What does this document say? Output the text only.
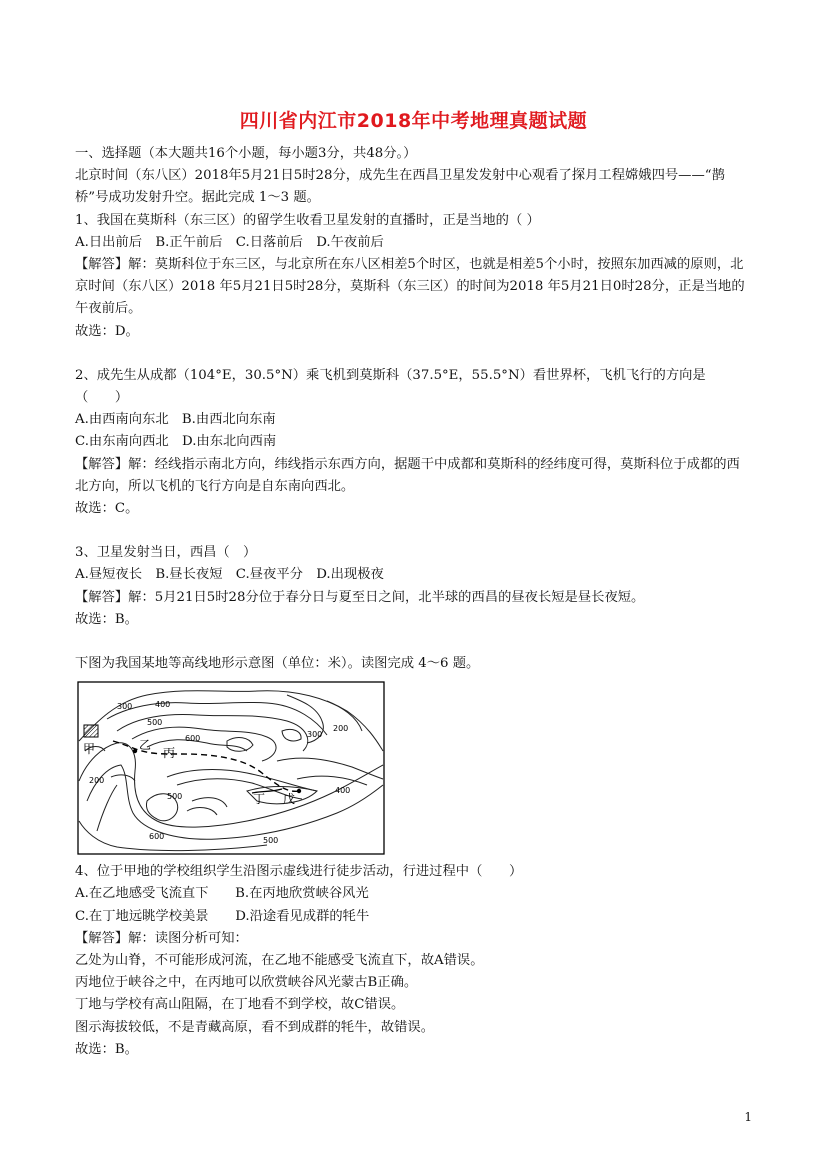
四川省内江市2018年中考地理真题试题

一、选择题（本大题共16个小题，每小题3分，共48分。）

北京时间（东八区）2018年5月21日5时28分，成先生在西昌卫星发发射中心观看了探月工程嫦娥四号——“鹊桥”号成功发射升空。据此完成 1～3 题。

1、我国在莫斯科（东三区）的留学生收看卫星发射的直播时，正是当地的（ ）

A.日出前后　B.正午前后　C.日落前后　D.午夜前后

【解答】解：莫斯科位于东三区，与北京所在东八区相差5个时区，也就是相差5个小时，按照东加西减的原则，北京时间（东八区）2018 年5月21日5时28分，莫斯科（东三区）的时间为2018 年5月21日0时28分，正是当地的午夜前后。

故选：D。

2、成先生从成都（104°E，30.5°N）乘飞机到莫斯科（37.5°E，55.5°N）看世界杯，飞机飞行的方向是（　　）

A.由西南向东北　B.由西北向东南

C.由东南向西北　D.由东北向西南

【解答】解：经线指示南北方向，纬线指示东西方向，据题干中成都和莫斯科的经纬度可得，莫斯科位于成都的西北方向，所以飞机的飞行方向是自东南向西北。

故选：C。

3、卫星发射当日，西昌（　）

A.昼短夜长　B.昼长夜短　C.昼夜平分　D.出现极夜

【解答】解：5月21日5时28分位于春分日与夏至日之间，北半球的西昌的昼夜长短是昼长夜短。

故选：B。

下图为我国某地等高线地形示意图（单位：米）。读图完成 4～6 题。

300	400
500
600	300
200
200
500
400
600	500
甲	乙
丙
丁 戊

4、位于甲地的学校组织学生沿图示虚线进行徒步活动，行进过程中（　　）

A.在乙地感受飞流直下　　B.在丙地欣赏峡谷风光

C.在丁地远眺学校美景　　D.沿途看见成群的牦牛

【解答】解：读图分析可知：

乙处为山脊，不可能形成河流，在乙地不能感受飞流直下，故A错误。

丙地位于峡谷之中，在丙地可以欣赏峡谷风光蒙古B正确。

丁地与学校有高山阻隔，在丁地看不到学校，故C错误。

图示海拔较低，不是青藏高原，看不到成群的牦牛，故错误。

故选：B。

1
